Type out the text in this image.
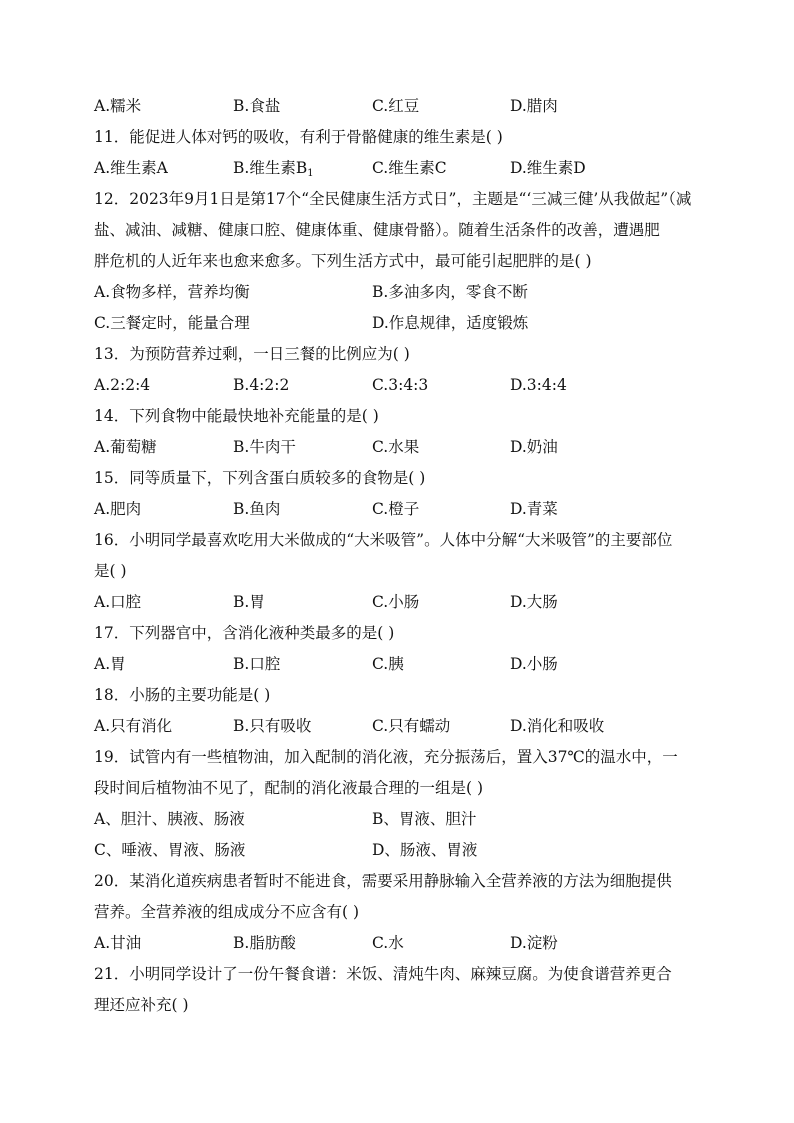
A.糯米	B.食盐	C.红豆	D.腊肉
11．能促进人体对钙的吸收，有利于骨骼健康的维生素是( )
A.维生素A	B.维生素$B_1$	C.维生素C	D.维生素D
12．2023年9月1日是第17个“全民健康生活方式日”，主题是“‘三减三健’从我做起”（减
盐、减油、减糖、健康口腔、健康体重、健康骨骼）。随着生活条件的改善，遭遇肥
胖危机的人近年来也愈来愈多。下列生活方式中，最可能引起肥胖的是( )
A.食物多样，营养均衡	B.多油多肉，零食不断
C.三餐定时，能量合理	D.作息规律，适度锻炼
13．为预防营养过剩，一日三餐的比例应为( )
A.2:2:4	B.4:2:2	C.3:4:3	D.3:4:4
14．下列食物中能最快地补充能量的是( )
A.葡萄糖	B.牛肉干	C.水果	D.奶油
15．同等质量下，下列含蛋白质较多的食物是( )
A.肥肉	B.鱼肉	C.橙子	D.青菜
16．小明同学最喜欢吃用大米做成的“大米吸管”。人体中分解“大米吸管”的主要部位
是( )
A.口腔	B.胃	C.小肠	D.大肠
17．下列器官中，含消化液种类最多的是( )
A.胃	B.口腔	C.胰	D.小肠
18．小肠的主要功能是( )
A.只有消化	B.只有吸收	C.只有蠕动	D.消化和吸收
19．试管内有一些植物油，加入配制的消化液，充分振荡后，置入37℃的温水中，一
段时间后植物油不见了，配制的消化液最合理的一组是( )
A、胆汁、胰液、肠液	B、胃液、胆汁
C、唾液、胃液、肠液	D、肠液、胃液
20．某消化道疾病患者暂时不能进食，需要采用静脉输入全营养液的方法为细胞提供
营养。全营养液的组成成分不应含有( )
A.甘油	B.脂肪酸	C.水	D.淀粉
21．小明同学设计了一份午餐食谱：米饭、清炖牛肉、麻辣豆腐。为使食谱营养更合
理还应补充( )
